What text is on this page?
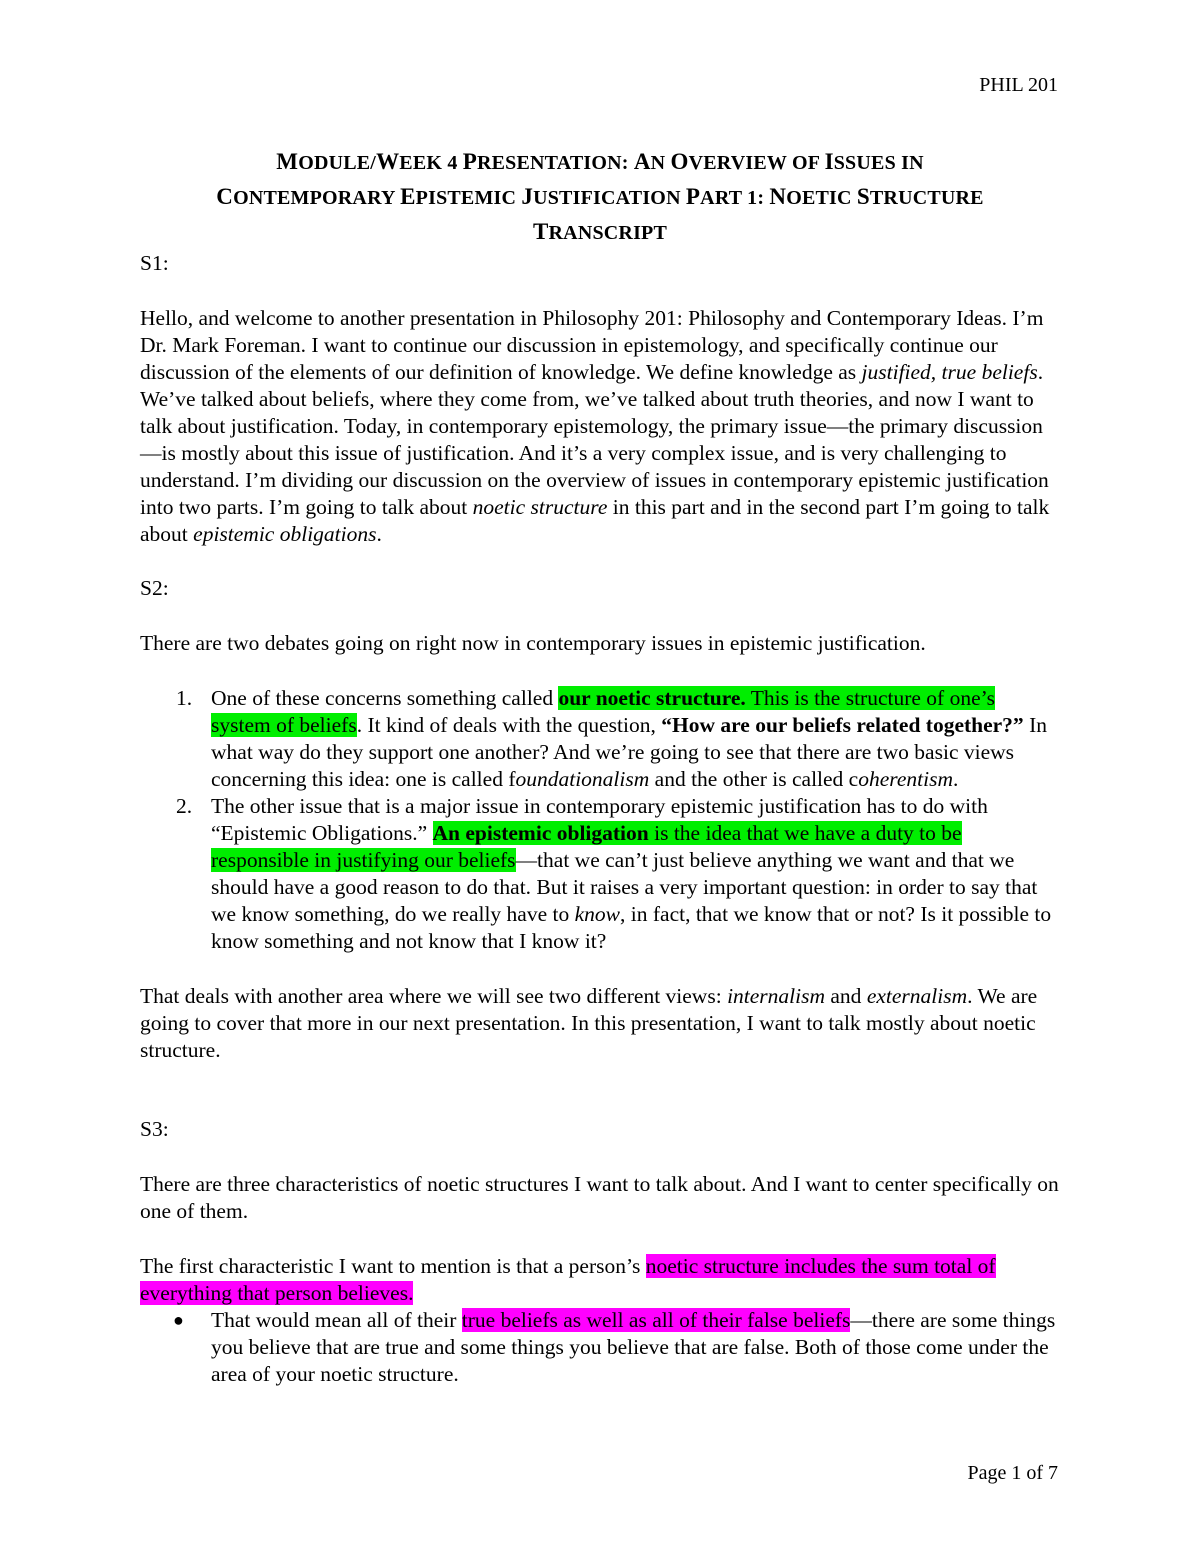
PHIL 201
MODULE/WEEK 4 PRESENTATION: AN OVERVIEW OF ISSUES IN
CONTEMPORARY EPISTEMIC JUSTIFICATION PART 1: NOETIC STRUCTURE
TRANSCRIPT

S1:

Hello, and welcome to another presentation in Philosophy 201: Philosophy and Contemporary Ideas. I’m Dr. Mark Foreman. I want to continue our discussion in epistemology, and specifically continue our discussion of the elements of our definition of knowledge. We define knowledge as justified, true beliefs. We’ve talked about beliefs, where they come from, we’ve talked about truth theories, and now I want to talk about justification. Today, in contemporary epistemology, the primary issue—the primary discussion—is mostly about this issue of justification. And it’s a very complex issue, and is very challenging to understand. I’m dividing our discussion on the overview of issues in contemporary epistemic justification into two parts. I’m going to talk about noetic structure in this part and in the second part I’m going to talk about epistemic obligations.

S2:

There are two debates going on right now in contemporary issues in epistemic justification.

1. One of these concerns something called our noetic structure. This is the structure of one’s system of beliefs. It kind of deals with the question, “How are our beliefs related together?” In what way do they support one another? And we’re going to see that there are two basic views concerning this idea: one is called foundationalism and the other is called coherentism.
2. The other issue that is a major issue in contemporary epistemic justification has to do with “Epistemic Obligations.” An epistemic obligation is the idea that we have a duty to be responsible in justifying our beliefs—that we can’t just believe anything we want and that we should have a good reason to do that. But it raises a very important question: in order to say that we know something, do we really have to know, in fact, that we know that or not? Is it possible to know something and not know that I know it?

That deals with another area where we will see two different views: internalism and externalism. We are going to cover that more in our next presentation. In this presentation, I want to talk mostly about noetic structure.

S3:

There are three characteristics of noetic structures I want to talk about. And I want to center specifically on one of them.

The first characteristic I want to mention is that a person’s noetic structure includes the sum total of everything that person believes.

● That would mean all of their true beliefs as well as all of their false beliefs—there are some things you believe that are true and some things you believe that are false. Both of those come under the area of your noetic structure.
Page 1 of 7
